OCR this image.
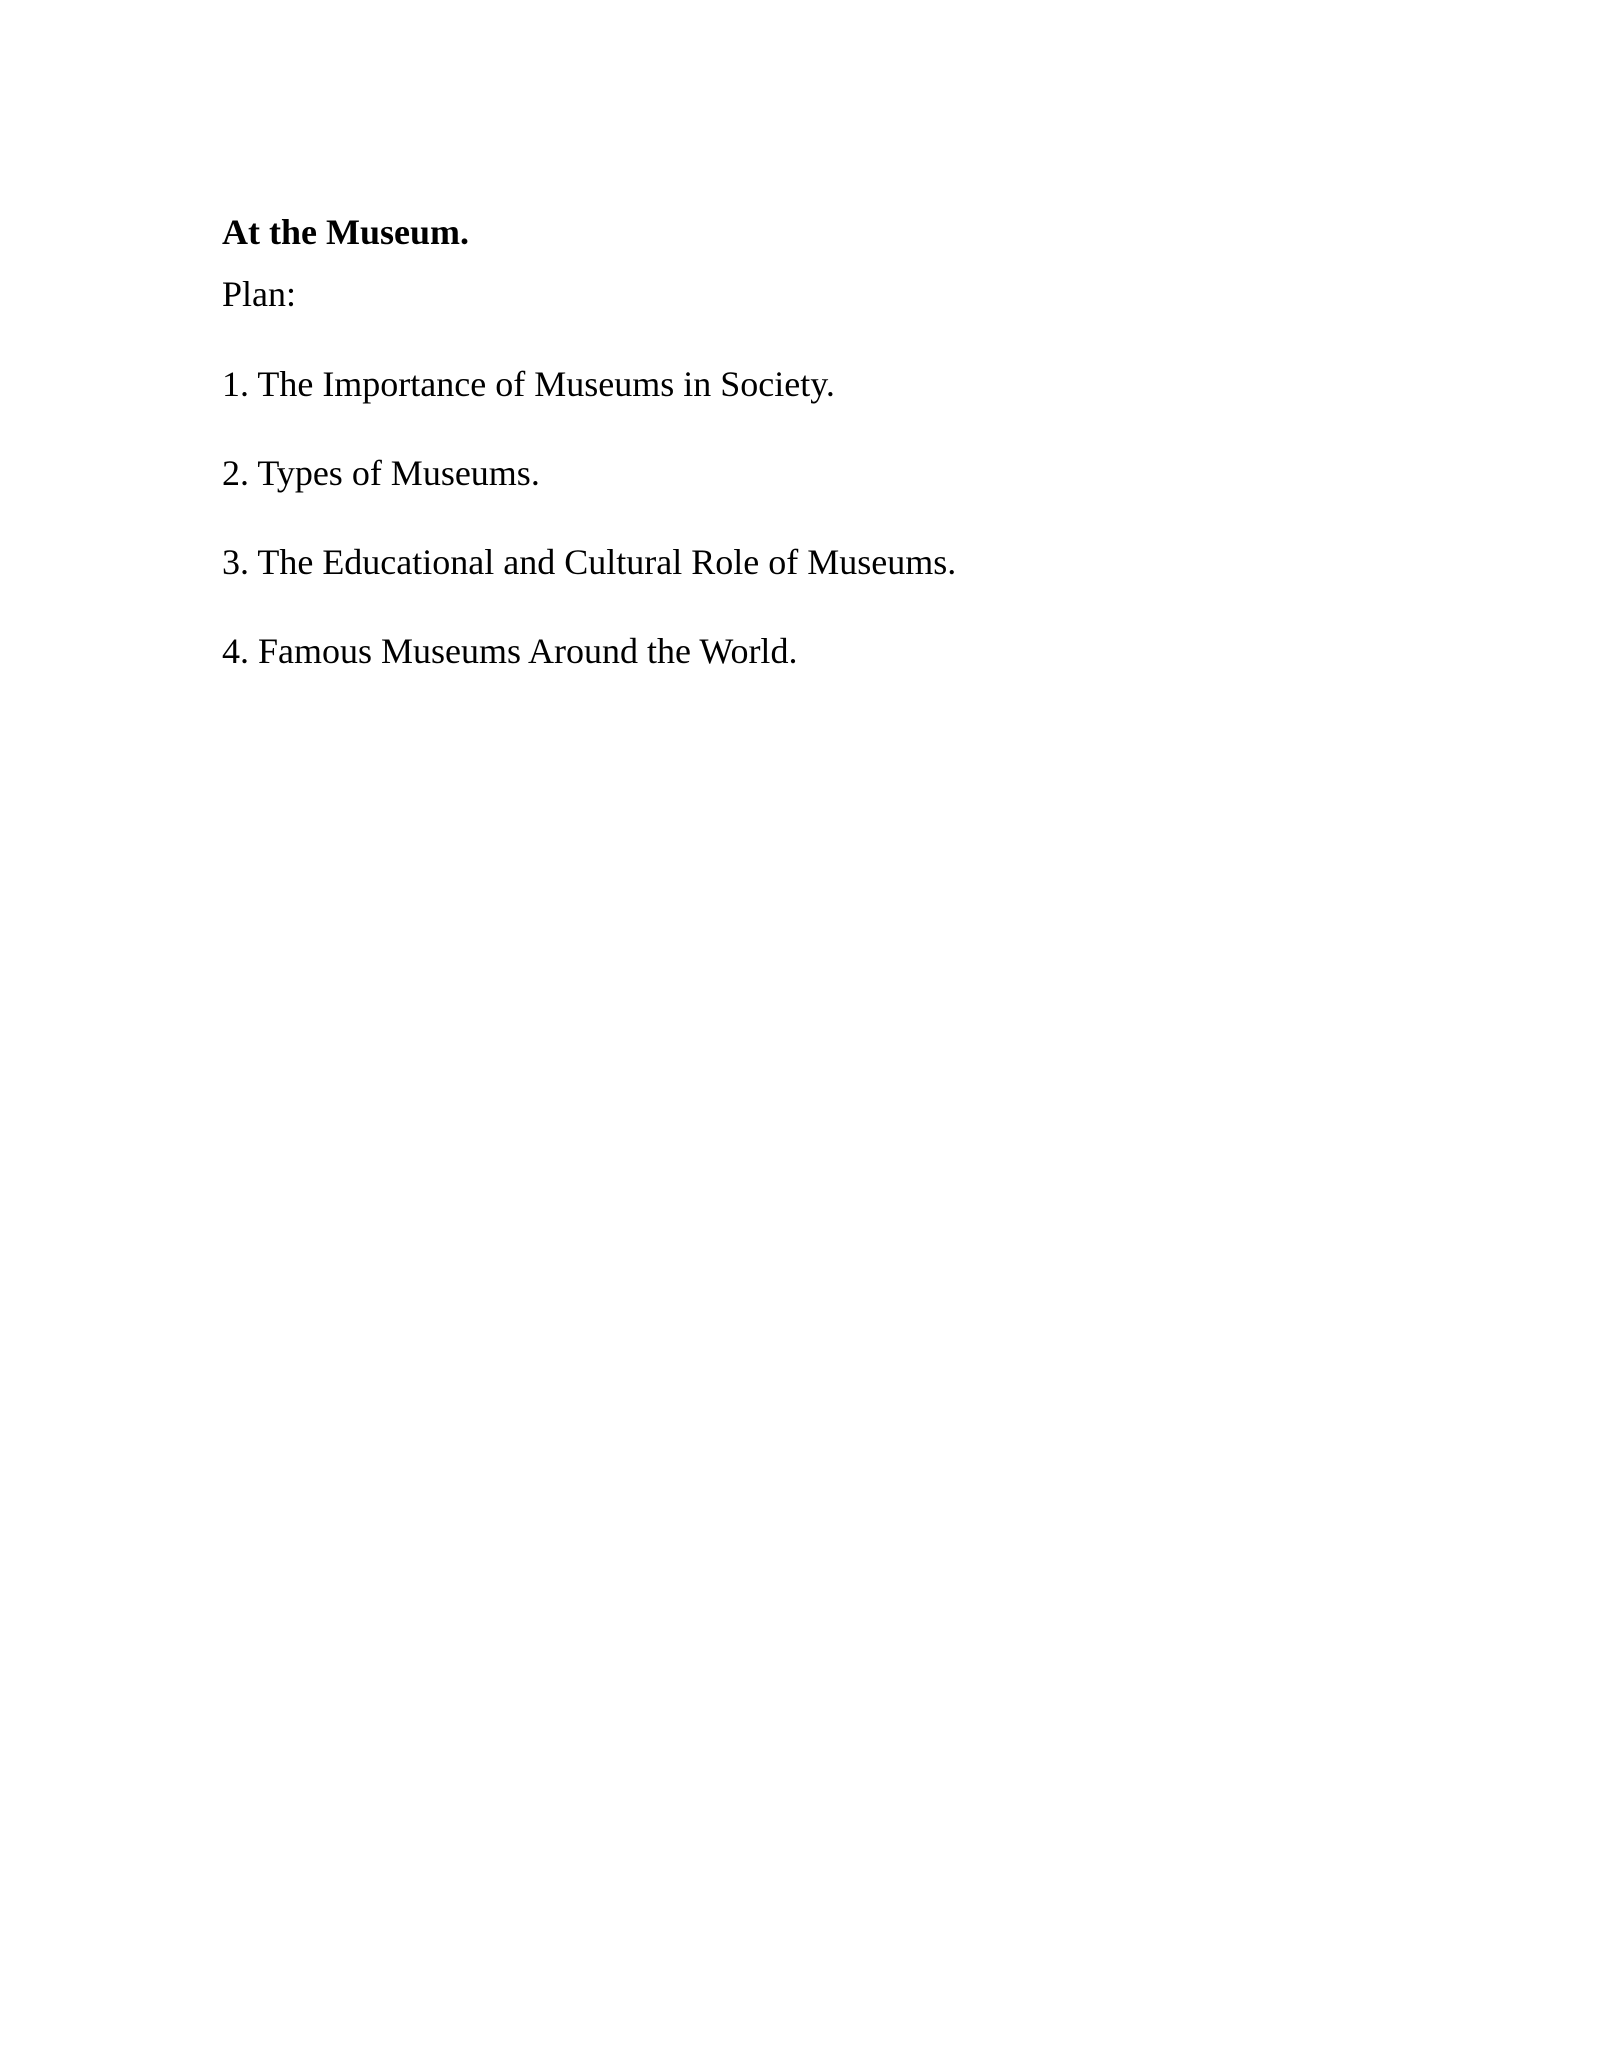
At the Museum.

Plan:

1. The Importance of Museums in Society.
2. Types of Museums.
3. The Educational and Cultural Role of Museums.
4. Famous Museums Around the World.
